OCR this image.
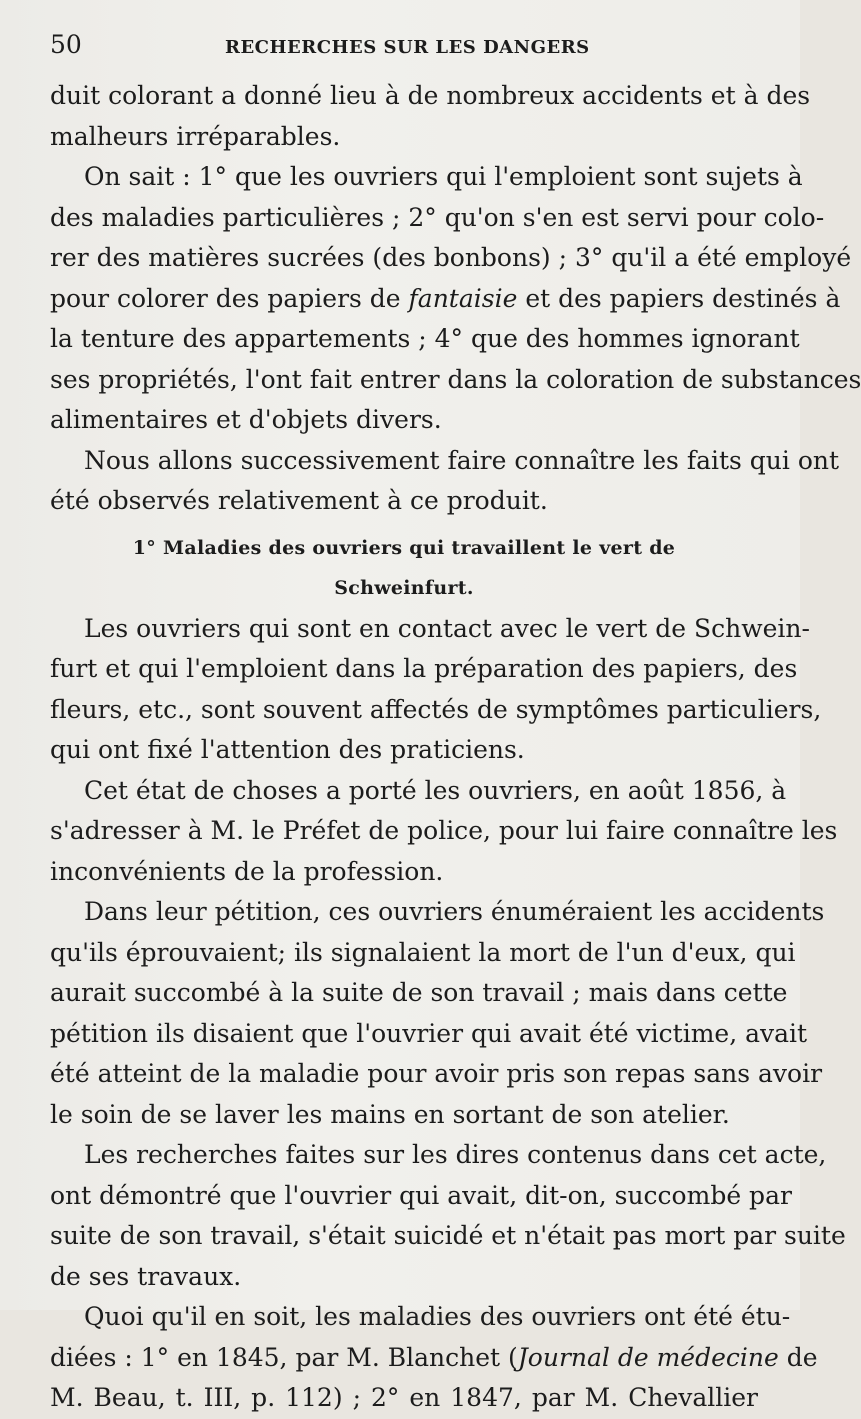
50	RECHERCHES SUR LES DANGERS
duit colorant a donné lieu à de nombreux accidents et à des
malheurs irréparables.
On sait : 1° que les ouvriers qui l'emploient sont sujets à
des maladies particulières ; 2° qu'on s'en est servi pour colo-
rer des matières sucrées (des bonbons) ; 3° qu'il a été employé
pour colorer des papiers de fantaisie et des papiers destinés à
la tenture des appartements ; 4° que des hommes ignorant
ses propriétés, l'ont fait entrer dans la coloration de substances
alimentaires et d'objets divers.
Nous allons successivement faire connaître les faits qui ont
été observés relativement à ce produit.
1° Maladies des ouvriers qui travaillent le vert de
Schweinfurt.
Les ouvriers qui sont en contact avec le vert de Schwein-
furt et qui l'emploient dans la préparation des papiers, des
fleurs, etc., sont souvent affectés de symptômes particuliers,
qui ont fixé l'attention des praticiens.
Cet état de choses a porté les ouvriers, en août 1856, à
s'adresser à M. le Préfet de police, pour lui faire connaître les
inconvénients de la profession.
Dans leur pétition, ces ouvriers énuméraient les accidents
qu'ils éprouvaient; ils signalaient la mort de l'un d'eux, qui
aurait succombé à la suite de son travail ; mais dans cette
pétition ils disaient que l'ouvrier qui avait été victime, avait
été atteint de la maladie pour avoir pris son repas sans avoir
le soin de se laver les mains en sortant de son atelier.
Les recherches faites sur les dires contenus dans cet acte,
ont démontré que l'ouvrier qui avait, dit-on, succombé par
suite de son travail, s'était suicidé et n'était pas mort par suite
de ses travaux.
Quoi qu'il en soit, les maladies des ouvriers ont été étu-
diées : 1° en 1845, par M. Blanchet (Journal de médecine de
M. Beau, t. III, p. 112) ; 2° en 1847, par M. Chevallier
